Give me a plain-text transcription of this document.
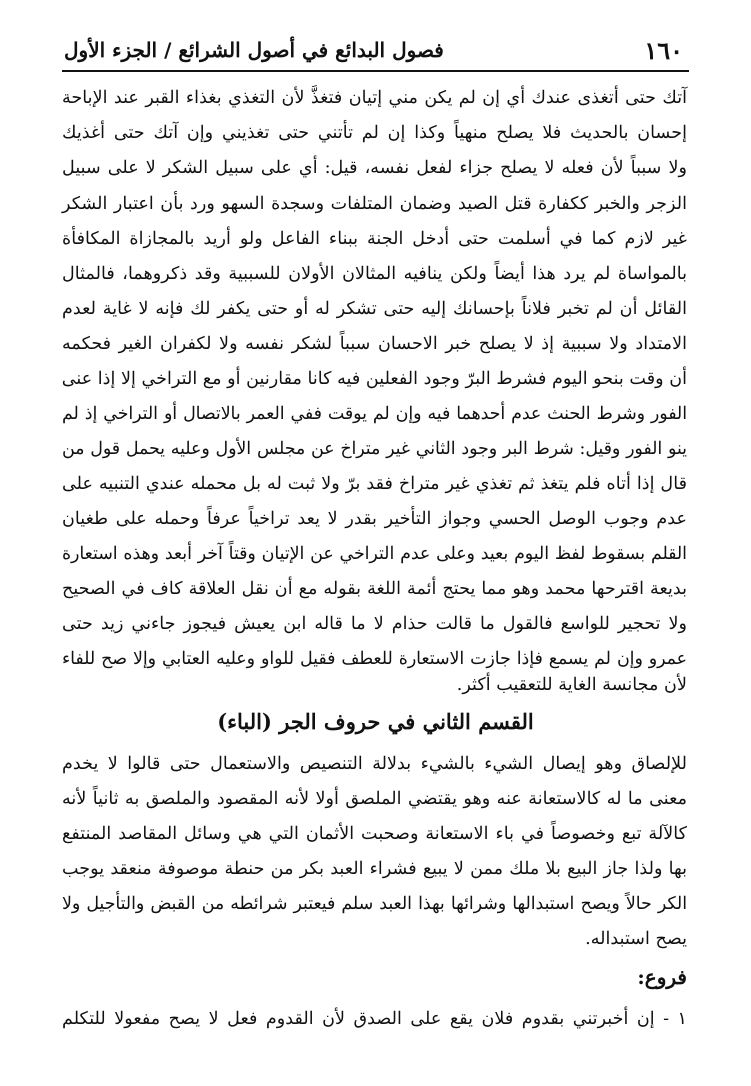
١٦٠
فصول البدائع في أصول الشرائع / الجزء الأول
آتك حتى أتغذى عندك أي إن لم يكن مني إتيان فتغذَّ لأن التغذي بغذاء القبر عند الإباحة
إحسان بالحديث فلا يصلح منهياً وكذا إن لم تأتني حتى تغذيني وإن آتك حتى أغذيك
ولا سبباً لأن فعله لا يصلح جزاء لفعل نفسه، قيل: أي على سبيل الشكر لا على سبيل
الزجر والخبر ككفارة قتل الصيد وضمان المتلفات وسجدة السهو ورد بأن اعتبار الشكر
غير لازم كما في أسلمت حتى أدخل الجنة ببناء الفاعل ولو أريد بالمجازاة المكافأة
بالمواساة لم يرد هذا أيضاً ولكن ينافيه المثالان الأولان للسببية وقد ذكروهما، فالمثال
القائل أن لم تخبر فلاناً بإحسانك إليه حتى تشكر له أو حتى يكفر لك فإنه لا غاية لعدم
الامتداد ولا سببية إذ لا يصلح خبر الاحسان سبباً لشكر نفسه ولا لكفران الغير فحكمه
أن وقت بنحو اليوم فشرط البرّ وجود الفعلين فيه كانا مقارنين أو مع التراخي إلا إذا عنى
الفور وشرط الحنث عدم أحدهما فيه وإن لم يوقت ففي العمر بالاتصال أو التراخي إذ لم
ينو الفور وقيل: شرط البر وجود الثاني غير متراخ عن مجلس الأول وعليه يحمل قول من
قال إذا أتاه فلم يتغذ ثم تغذي غير متراخ فقد برّ ولا ثبت له بل محمله عندي التنبيه على
عدم وجوب الوصل الحسي وجواز التأخير بقدر لا يعد تراخياً عرفاً وحمله على طغيان
القلم بسقوط لفظ اليوم بعيد وعلى عدم التراخي عن الإتيان وقتاً آخر أبعد وهذه استعارة
بديعة اقترحها محمد وهو مما يحتج أئمة اللغة بقوله مع أن نقل العلاقة كاف في الصحيح
ولا تحجير للواسع فالقول ما قالت حذام لا ما قاله ابن يعيش فيجوز جاءني زيد حتى
عمرو وإن لم يسمع فإذا جازت الاستعارة للعطف فقيل للواو وعليه العتابي وإلا صح للفاء
لأن مجانسة الغاية للتعقيب أكثر.
القسم الثاني في حروف الجر (الباء)
للإلصاق وهو إيصال الشيء بالشيء بدلالة التنصيص والاستعمال حتى قالوا لا يخدم
معنى ما له كالاستعانة عنه وهو يقتضي الملصق أولا لأنه المقصود والملصق به ثانياً لأنه
كالآلة تبع وخصوصاً في باء الاستعانة وصحبت الأثمان التي هي وسائل المقاصد المنتفع
بها ولذا جاز البيع بلا ملك ممن لا يبيع فشراء العبد بكر من حنطة موصوفة منعقد يوجب
الكر حالاً ويصح استبدالها وشرائها بهذا العبد سلم فيعتبر شرائطه من القبض والتأجيل ولا
يصح استبداله.
فروع:
١ - إن أخبرتني بقدوم فلان يقع على الصدق لأن القدوم فعل لا يصح مفعولا للتكلم
